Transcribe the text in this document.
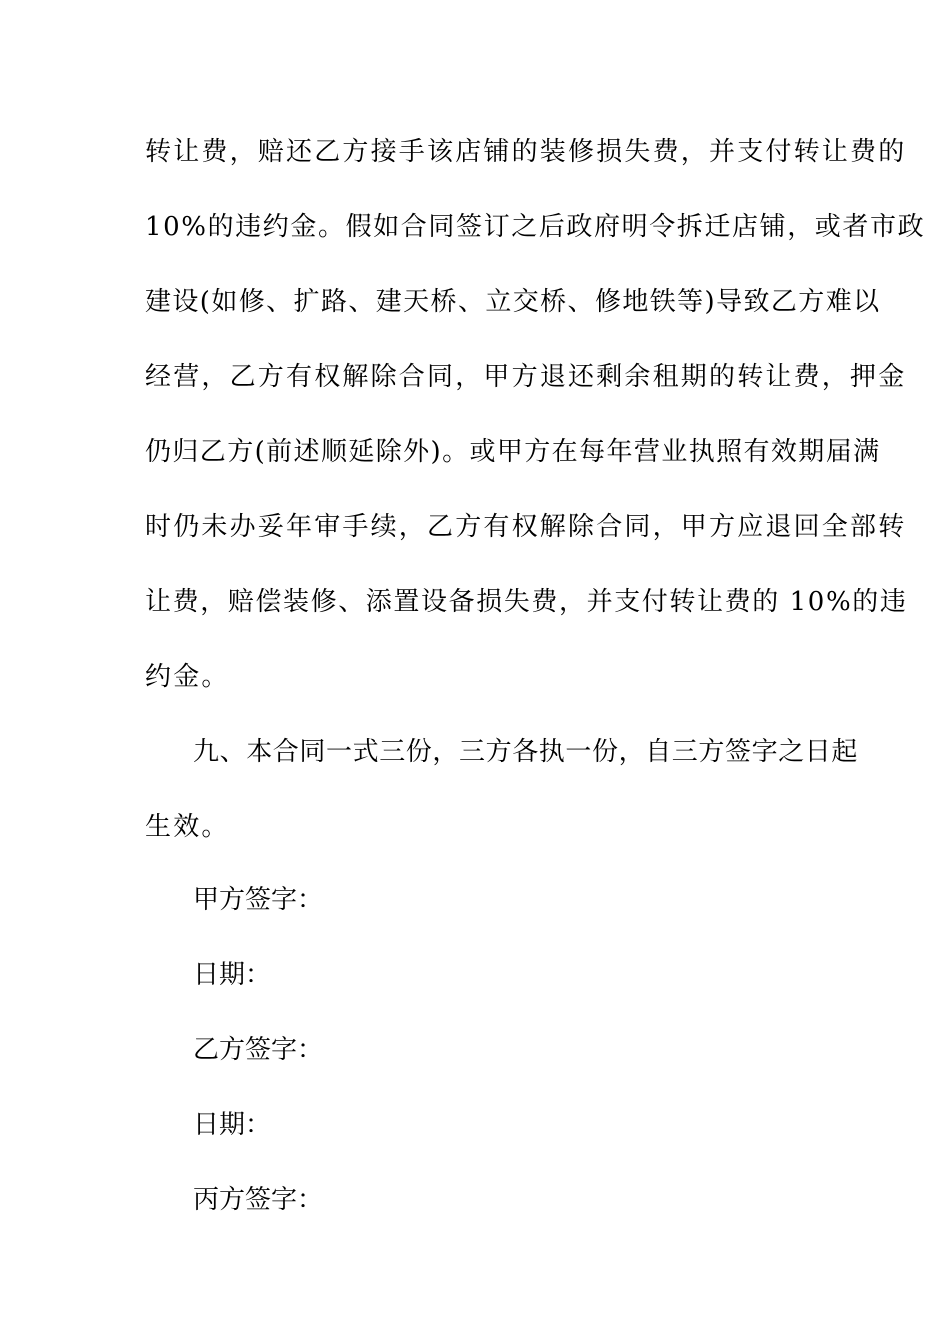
转让费，赔还乙方接手该店铺的装修损失费，并支付转让费的
10%的违约金。假如合同签订之后政府明令拆迁店铺，或者市政
建设(如修、扩路、建天桥、立交桥、修地铁等)导致乙方难以
经营，乙方有权解除合同，甲方退还剩余租期的转让费，押金
仍归乙方(前述顺延除外)。或甲方在每年营业执照有效期届满
时仍未办妥年审手续，乙方有权解除合同，甲方应退回全部转
让费，赔偿装修、添置设备损失费，并支付转让费的 10%的违
约金。
九、本合同一式三份，三方各执一份，自三方签字之日起
生效。
甲方签字：
日期：
乙方签字：
日期：
丙方签字：
